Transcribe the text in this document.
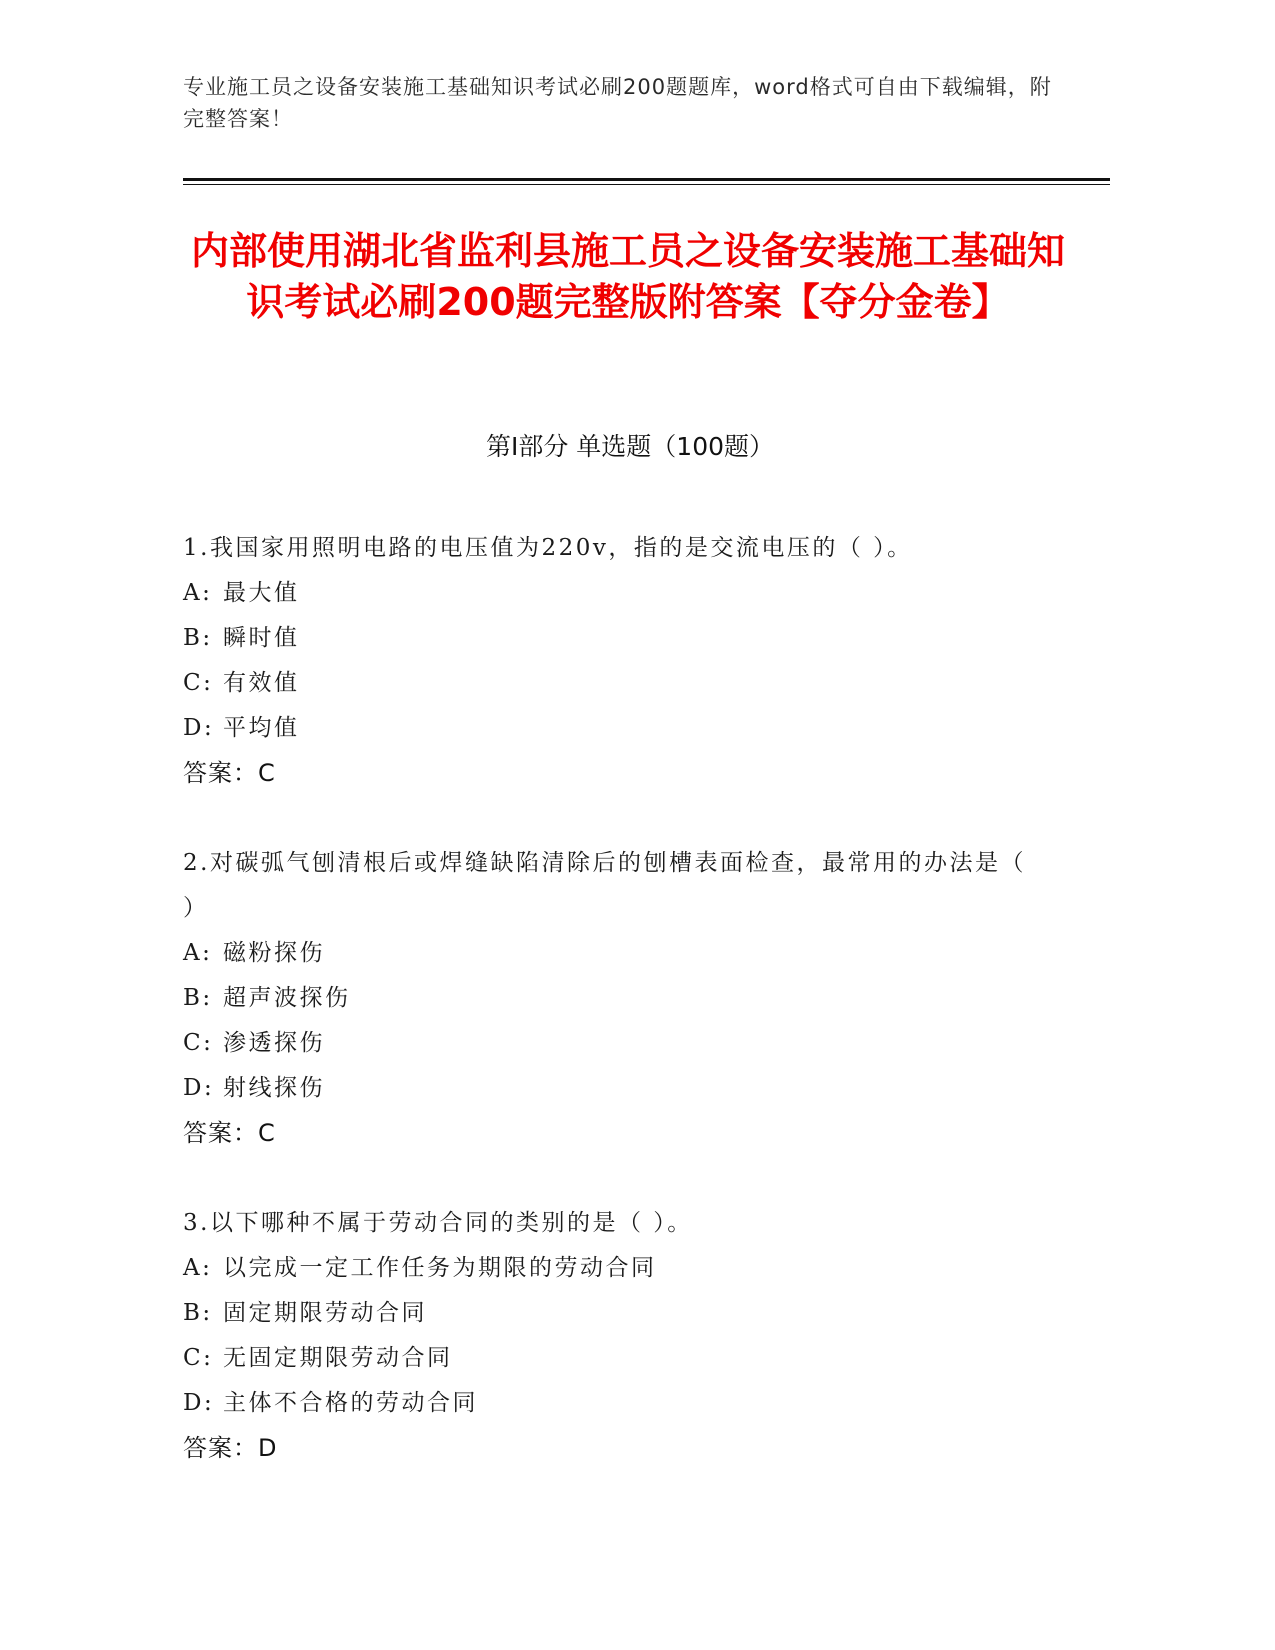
专业施工员之设备安装施工基础知识考试必刷200题题库，word格式可自由下载编辑，附完整答案！
内部使用湖北省监利县施工员之设备安装施工基础知识考试必刷200题完整版附答案【夺分金卷】
第Ⅰ部分 单选题（100题）
1.我国家用照明电路的电压值为220v，指的是交流电压的（ ）。
A: 最大值
B: 瞬时值
C: 有效值
D: 平均值
答案：C
2.对碳弧气刨清根后或焊缝缺陷清除后的刨槽表面检查，最常用的办法是（ ）
A: 磁粉探伤
B: 超声波探伤
C: 渗透探伤
D: 射线探伤
答案：C
3.以下哪种不属于劳动合同的类别的是（ ）。
A: 以完成一定工作任务为期限的劳动合同
B: 固定期限劳动合同
C: 无固定期限劳动合同
D: 主体不合格的劳动合同
答案：D
